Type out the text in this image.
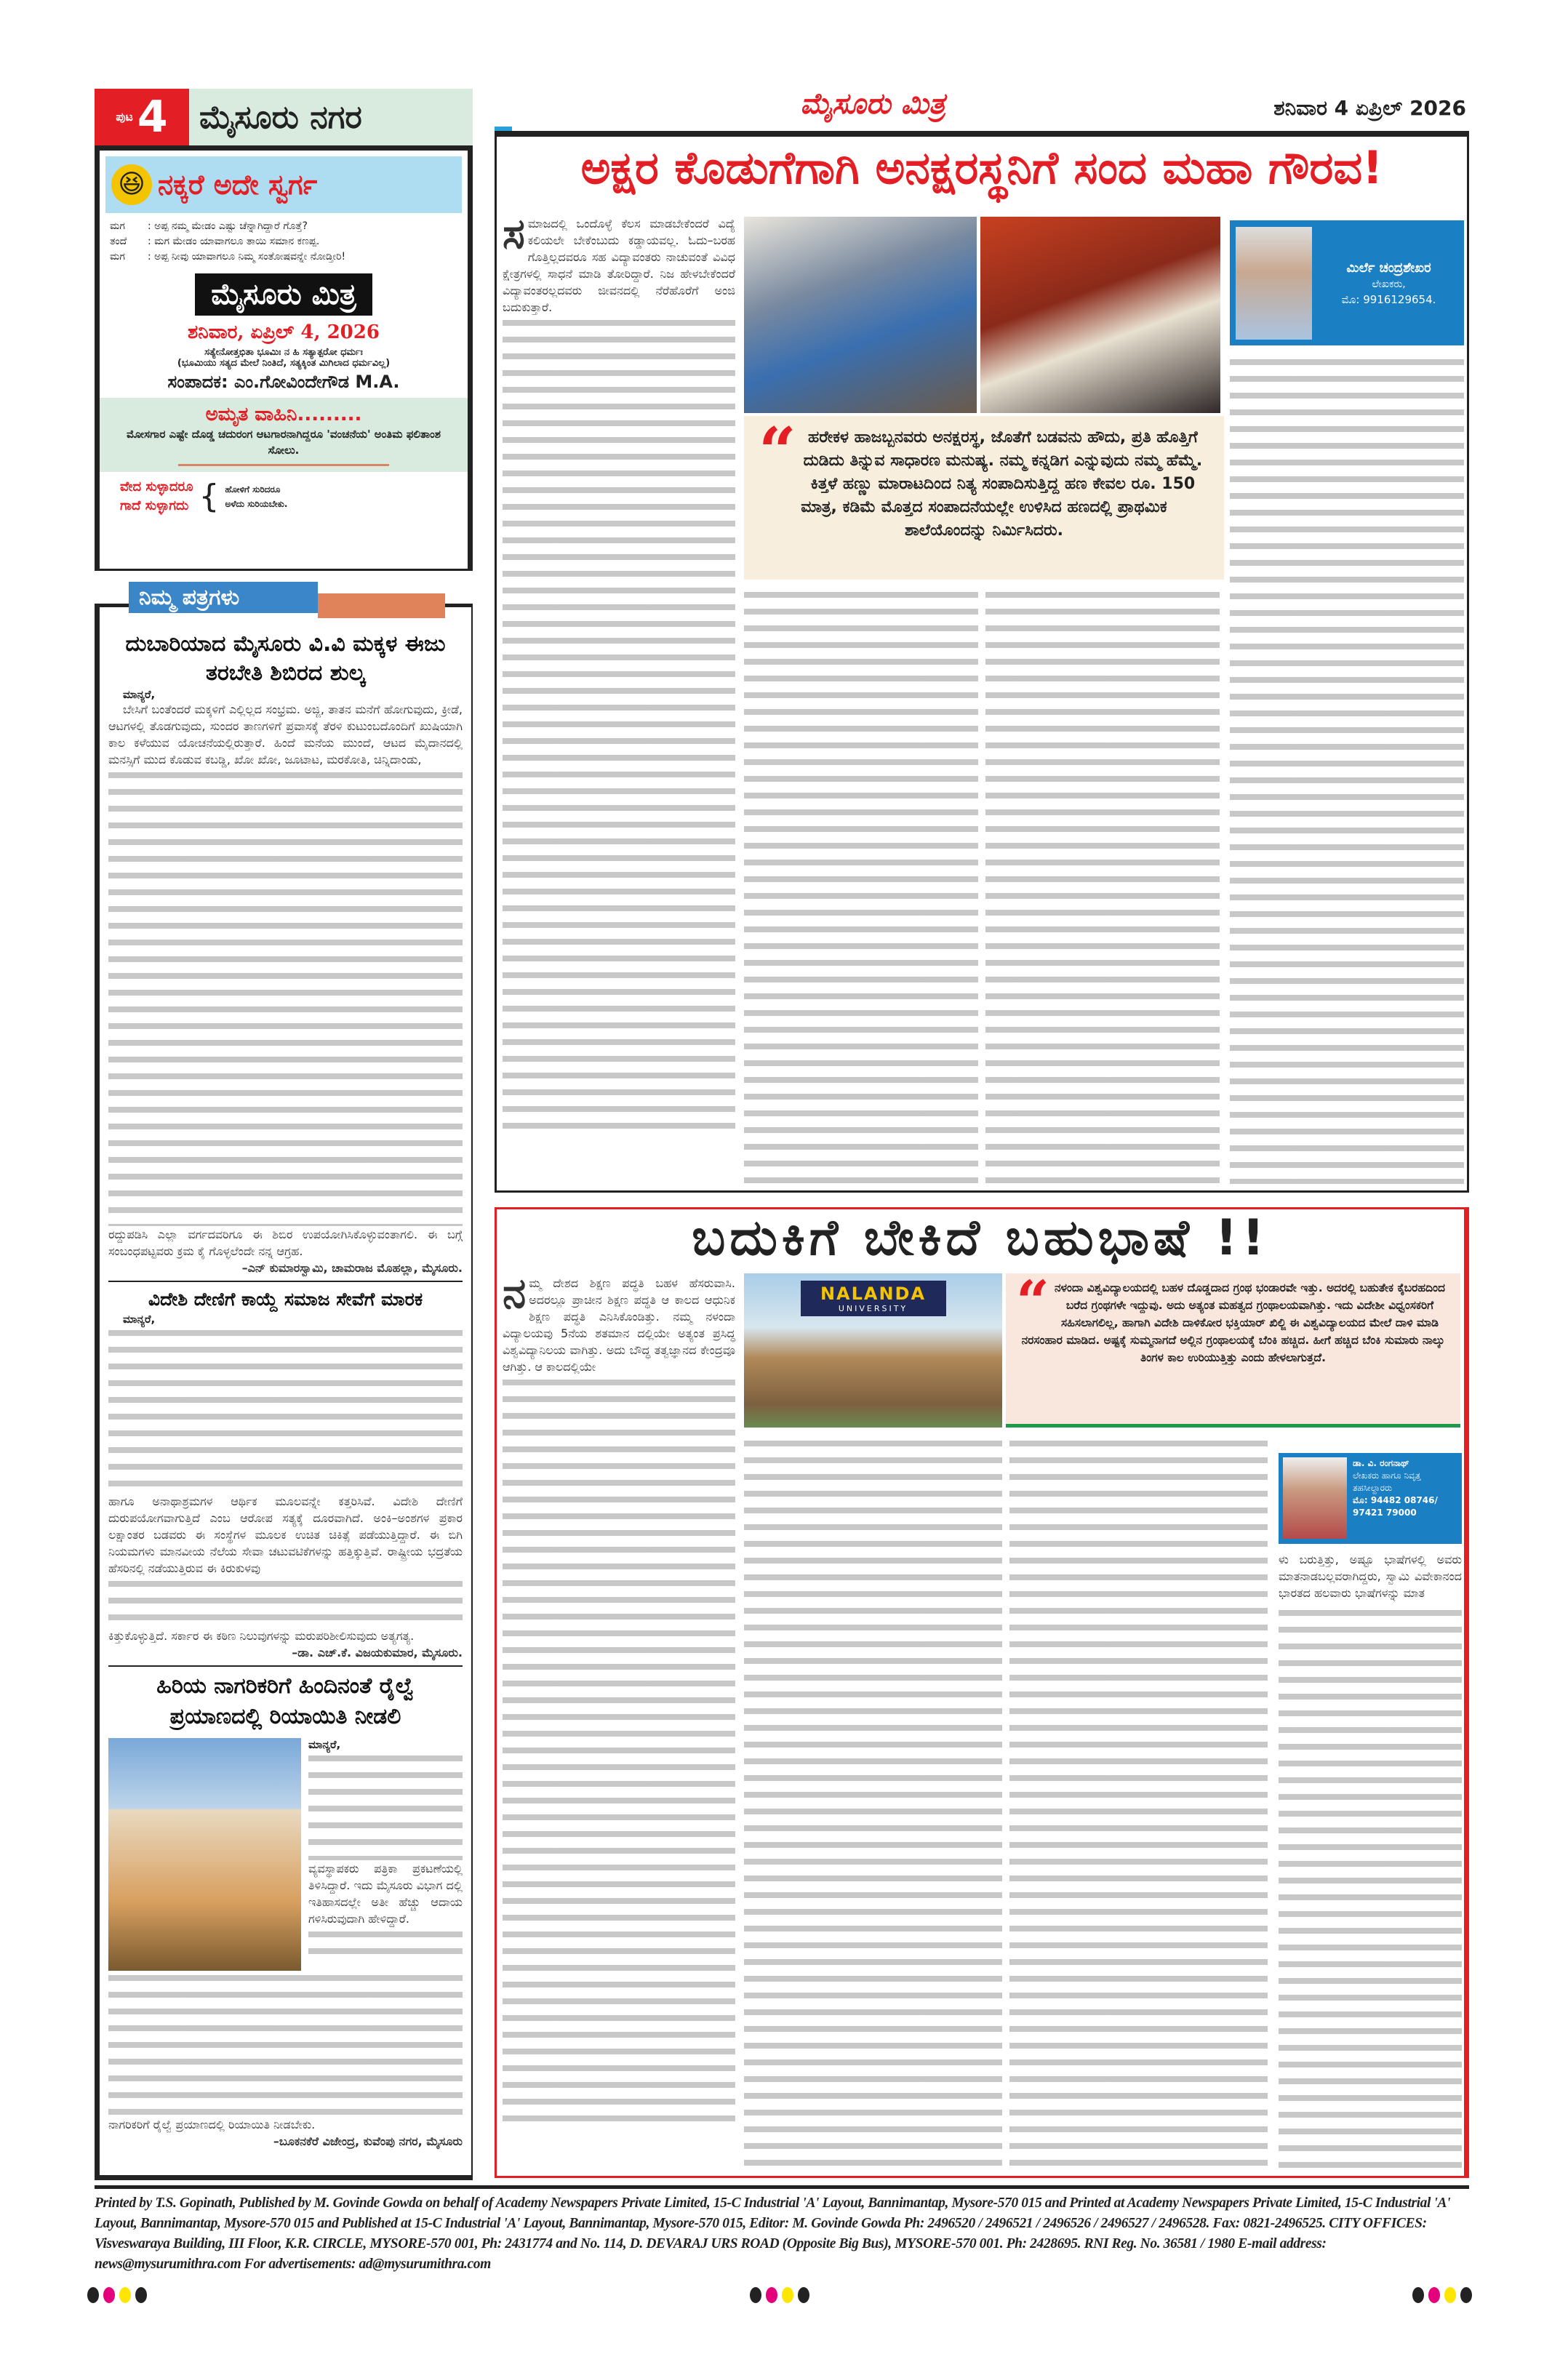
ಪುಟ 4 ಮೈಸೂರು ನಗರ	ಮೈಸೂರು ಮಿತ್ರ	ಶನಿವಾರ 4 ಏಪ್ರಿಲ್ 2026
😆 ನಕ್ಕರೆ ಅದೇ ಸ್ವರ್ಗ
ಮಗ : ಅಪ್ಪ ನಮ್ಮ ಮೇಡಂ ಎಷ್ಟು ಚೆನ್ನಾಗಿದ್ದಾರೆ ಗೊತ್ತೆ?
ತಂದೆ : ಮಗ ಮೇಡಂ ಯಾವಾಗಲೂ ತಾಯಿ ಸಮಾನ ಕಣಪ್ಪ.
ಮಗ : ಅಪ್ಪ ನೀವು ಯಾವಾಗಲೂ ನಿಮ್ಮ ಸಂತೋಷವನ್ನೇ ನೋಡ್ತೀರಿ!
ಮೈಸೂರು ಮಿತ್ರ
ಶನಿವಾರ, ಏಪ್ರಿಲ್ 4, 2026
ಸತ್ಯೇನೋತ್ತಭಿತಾ ಭೂಮಿಃ ನ ಹಿ ಸತ್ಯಾತ್ಪರೋ ಧರ್ಮಃ
(ಭೂಮಿಯು ಸತ್ಯದ ಮೇಲೆ ನಿಂತಿದೆ, ಸತ್ಯಕ್ಕಿಂತ ಮಿಗಿಲಾದ ಧರ್ಮವಿಲ್ಲ)
ಸಂಪಾದಕ: ಎಂ.ಗೋವಿಂದೇಗೌಡ M.A.
ಅಮೃತ ವಾಹಿನಿ.........
ಮೋಸಗಾರ ಎಷ್ಟೇ ದೊಡ್ಡ ಚದುರಂಗ ಆಟಗಾರನಾಗಿದ್ದರೂ 'ವಂಚನೆಯ' ಅಂತಿಮ ಫಲಿತಾಂಶ ಸೋಲು.
ವೇದ ಸುಳ್ಳಾದರೂ
ಗಾದೆ ಸುಳ್ಳಾಗದು { ಹೋಳಿಗೆ ಸುರಿದರೂ
ಅಳೆದು ಸುರಿಯಬೇಕು.
ನಿಮ್ಮ ಪತ್ರಗಳು
ದುಬಾರಿಯಾದ ಮೈಸೂರು ವಿ.ವಿ ಮಕ್ಕಳ ಈಜು ತರಬೇತಿ ಶಿಬಿರದ ಶುಲ್ಕ
ಮಾನ್ಯರೆ,
ಬೇಸಿಗೆ ಬಂತೆಂದರೆ ಮಕ್ಕಳಿಗೆ ಎಲ್ಲಿಲ್ಲದ ಸಂಭ್ರಮ. ಅಜ್ಜಿ, ತಾತನ ಮನೆಗೆ ಹೋಗುವುದು, ಕ್ರೀಡೆ, ಆಟಗಳಲ್ಲಿ ತೊಡಗುವುದು, ಸುಂದರ ತಾಣಗಳಿಗೆ ಪ್ರವಾಸಕ್ಕೆ ತೆರಳಿ ಕುಟುಂಬದೊಂದಿಗೆ ಖುಷಿಯಾಗಿ ಕಾಲ ಕಳೆಯುವ ಯೋಚನೆಯಲ್ಲಿರುತ್ತಾರೆ. ಹಿಂದೆ ಮನೆಯ ಮುಂದೆ, ಆಟದ ಮೈದಾನದಲ್ಲಿ ಮನಸ್ಸಿಗೆ ಮುದ ಕೊಡುವ ಕಬಡ್ಡಿ, ಖೋ ಖೋ, ಜೂಟಾಟ, ಮರಕೋತಿ, ಚಿನ್ನಿದಾಂಡು,
ರದ್ದುಪಡಿಸಿ ಎಲ್ಲಾ ವರ್ಗದವರಿಗೂ ಈ ಶಿಬಿರ ಉಪಯೋಗಿಸಿಕೊಳ್ಳುವಂತಾಗಲಿ. ಈ ಬಗ್ಗೆ ಸಂಬಂಧಪಟ್ಟವರು ಕ್ರಮ ಕೈ ಗೊಳ್ಳಲೆಂದೇ ನನ್ನ ಆಗ್ರಹ.
–ಎನ್ ಕುಮಾರಸ್ವಾಮಿ, ಚಾಮರಾಜ ಮೊಹಲ್ಲಾ, ಮೈಸೂರು.
ವಿದೇಶಿ ದೇಣಿಗೆ ಕಾಯ್ದೆ ಸಮಾಜ ಸೇವೆಗೆ ಮಾರಕ
ಮಾನ್ಯರೆ,
ಹಾಗೂ ಅನಾಥಾಶ್ರಮಗಳ ಆರ್ಥಿಕ ಮೂಲವನ್ನೇ ಕತ್ತರಿಸಿವೆ. ವಿದೇಶಿ ದೇಣಿಗೆ ದುರುಪಯೋಗವಾಗುತ್ತಿದೆ ಎಂಬ ಆರೋಪ ಸತ್ಯಕ್ಕೆ ದೂರವಾಗಿದೆ. ಅಂಕಿ–ಅಂಶಗಳ ಪ್ರಕಾರ ಲಕ್ಷಾಂತರ ಬಡವರು ಈ ಸಂಸ್ಥೆಗಳ ಮೂಲಕ ಉಚಿತ ಚಿಕಿತ್ಸೆ ಪಡೆಯುತ್ತಿದ್ದಾರೆ. ಈ ಬಿಗಿ ನಿಯಮಗಳು ಮಾನವೀಯ ನೆಲೆಯ ಸೇವಾ ಚಟುವಟಿಕೆಗಳನ್ನು ಹತ್ತಿಕ್ಕುತ್ತಿವೆ. ರಾಷ್ಟ್ರೀಯ ಭದ್ರತೆಯ ಹೆಸರಿನಲ್ಲಿ ನಡೆಯುತ್ತಿರುವ ಈ ಕಿರುಕುಳವು
ಕಿತ್ತುಕೊಳ್ಳುತ್ತಿದೆ. ಸರ್ಕಾರ ಈ ಕಠಿಣ ನಿಲುವುಗಳನ್ನು ಮರುಪರಿಶೀಲಿಸುವುದು ಅತ್ಯಗತ್ಯ.
–ಡಾ. ಎಚ್.ಕೆ. ವಿಜಯಕುಮಾರ, ಮೈಸೂರು.
ಹಿರಿಯ ನಾಗರಿಕರಿಗೆ ಹಿಂದಿನಂತೆ ರೈಲ್ವೆ ಪ್ರಯಾಣದಲ್ಲಿ ರಿಯಾಯಿತಿ ನೀಡಲಿ
ಮಾನ್ಯರೆ,
ವ್ಯವಸ್ಥಾಪಕರು ಪತ್ರಿಕಾ ಪ್ರಕಟಣೆಯಲ್ಲಿ ತಿಳಿಸಿದ್ದಾರೆ. ಇದು ಮೈಸೂರು ವಿಭಾಗ ದಲ್ಲಿ ಇತಿಹಾಸದಲ್ಲೇ ಅತೀ ಹೆಚ್ಚು ಆದಾಯ ಗಳಿಸಿರುವುದಾಗಿ ಹೇಳಿದ್ದಾರೆ.
ನಾಗರಿಕರಿಗೆ ರೈಲ್ವೆ ಪ್ರಯಾಣದಲ್ಲಿ ರಿಯಾಯಿತಿ ನೀಡಬೇಕು.
–ಬೂಕನಕೆರೆ ವಿಜೇಂದ್ರ, ಕುವೆಂಪು ನಗರ, ಮೈಸೂರು
ಅಕ್ಷರ ಕೊಡುಗೆಗಾಗಿ ಅನಕ್ಷರಸ್ಥನಿಗೆ ಸಂದ ಮಹಾ ಗೌರವ!
ಸಮಾಜದಲ್ಲಿ ಒಂದೊಳ್ಳೆ ಕೆಲಸ ಮಾಡಬೇಕೆಂದರೆ ವಿದ್ಯೆ ಕಲಿಯಲೇ ಬೇಕೆಂಬುದು ಕಡ್ಡಾಯವಲ್ಲ. ಓದು–ಬರಹ ಗೊತ್ತಿಲ್ಲದವರೂ ಸಹ ವಿದ್ಯಾವಂತರು ನಾಚುವಂತೆ ವಿವಿಧ ಕ್ಷೇತ್ರಗಳಲ್ಲಿ ಸಾಧನೆ ಮಾಡಿ ತೋರಿದ್ದಾರೆ. ನಿಜ ಹೇಳಬೇಕೆಂದರೆ ವಿದ್ಯಾವಂತರಲ್ಲದವರು ಜೀವನದಲ್ಲಿ ನೆರೆಹೊರೆಗೆ ಅಂಜಿ ಬದುಕುತ್ತಾರೆ.
ಮಿರ್ಲೆ ಚಂದ್ರಶೇಖರ
ಲೇಖಕರು,
ಮೊ: 9916129654.
“ ಹರೇಕಳ ಹಾಜಬ್ಬನವರು ಅನಕ್ಷರಸ್ಥ, ಜೊತೆಗೆ ಬಡವನು ಹೌದು, ಪ್ರತಿ ಹೊತ್ತಿಗೆ ದುಡಿದು ತಿನ್ನುವ ಸಾಧಾರಣ ಮನುಷ್ಯ. ನಮ್ಮ ಕನ್ನಡಿಗ ಎನ್ನುವುದು ನಮ್ಮ ಹೆಮ್ಮೆ. ಕಿತ್ತಳೆ ಹಣ್ಣು ಮಾರಾಟದಿಂದ ನಿತ್ಯ ಸಂಪಾದಿಸುತ್ತಿದ್ದ ಹಣ ಕೇವಲ ರೂ. 150 ಮಾತ್ರ, ಕಡಿಮೆ ಮೊತ್ತದ ಸಂಪಾದನೆಯಲ್ಲೇ ಉಳಿಸಿದ ಹಣದಲ್ಲಿ ಪ್ರಾಥಮಿಕ ಶಾಲೆಯೊಂದನ್ನು ನಿರ್ಮಿಸಿದರು.
ಬದುಕಿಗೆ ಬೇಕಿದೆ ಬಹುಭಾಷೆ !!
ನಮ್ಮ ದೇಶದ ಶಿಕ್ಷಣ ಪದ್ಧತಿ ಬಹಳ ಹೆಸರುವಾಸಿ. ಅದರಲ್ಲೂ ಪ್ರಾಚೀನ ಶಿಕ್ಷಣ ಪದ್ಧತಿ ಆ ಕಾಲದ ಆಧುನಿಕ ಶಿಕ್ಷಣ ಪದ್ಧತಿ ಎನಿಸಿಕೊಂಡಿತ್ತು. ನಮ್ಮ ನಳಂದಾ ವಿದ್ಯಾಲಯವು 5ನೆಯ ಶತಮಾನ ದಲ್ಲಿಯೇ ಅತ್ಯಂತ ಪ್ರಸಿದ್ಧ ವಿಶ್ವವಿದ್ಯಾನಿಲಯ ವಾಗಿತ್ತು. ಅದು ಬೌದ್ಧ ತತ್ವಜ್ಞಾನದ ಕೇಂದ್ರವೂ ಆಗಿತ್ತು. ಆ ಕಾಲದಲ್ಲಿಯೇ
NALANDA
UNIVERSITY	“ ನಳಂದಾ ವಿಶ್ವವಿದ್ಯಾಲಯದಲ್ಲಿ ಬಹಳ ದೊಡ್ಡದಾದ ಗ್ರಂಥ ಭಂಡಾರವೇ ಇತ್ತು. ಅದರಲ್ಲಿ ಬಹುತೇಕ ಕೈಬರಹದಿಂದ ಬರೆದ ಗ್ರಂಥಗಳೇ ಇದ್ದುವು. ಅದು ಅತ್ಯಂತ ಮಹತ್ವದ ಗ್ರಂಥಾಲಯವಾಗಿತ್ತು. ಇದು ವಿದೇಶೀ ವಿಧ್ವಂಸಕರಿಗೆ ಸಹಿಸಲಾಗಲಿಲ್ಲ, ಹಾಗಾಗಿ ವಿದೇಶಿ ದಾಳಿಕೋರ ಭಕ್ತಿಯಾರ್ ಖಿಲ್ಜಿ ಈ ವಿಶ್ವವಿದ್ಯಾಲಯದ ಮೇಲೆ ದಾಳಿ ಮಾಡಿ ನರಸಂಹಾರ ಮಾಡಿದ. ಅಷ್ಟಕ್ಕೆ ಸುಮ್ಮನಾಗದೆ ಅಲ್ಲಿನ ಗ್ರಂಥಾಲಯಕ್ಕೆ ಬೆಂಕಿ ಹಚ್ಚಿದ. ಹೀಗೆ ಹಚ್ಚಿದ ಬೆಂಕಿ ಸುಮಾರು ನಾಲ್ಕು ತಿಂಗಳ ಕಾಲ ಉರಿಯುತ್ತಿತ್ತು ಎಂದು ಹೇಳಲಾಗುತ್ತದೆ.
ಡಾ. ವಿ. ರಂಗನಾಥ್
ಲೇಖಕರು ಹಾಗೂ ನಿವೃತ್ತ ತಹಸೀಲ್ದಾರರು
ಮೊ: 94482 08746/ 97421 79000
ಳು ಬರುತ್ತಿತ್ತು, ಅಷ್ಟೂ ಭಾಷೆಗಳಲ್ಲಿ ಅವರು ಮಾತನಾಡಬಲ್ಲವರಾಗಿದ್ದರು, ಸ್ವಾಮಿ ವಿವೇಕಾನಂದ ಭಾರತದ ಹಲವಾರು ಭಾಷೆಗಳನ್ನು ಮಾತ
Printed by T.S. Gopinath, Published by M. Govinde Gowda on behalf of Academy Newspapers Private Limited, 15-C Industrial 'A' Layout, Bannimantap, Mysore-570 015 and Printed at Academy Newspapers Private Limited, 15-C Industrial 'A' Layout, Bannimantap, Mysore-570 015 and Published at 15-C Industrial 'A' Layout, Bannimantap, Mysore-570 015, Editor: M. Govinde Gowda Ph: 2496520 / 2496521 / 2496526 / 2496527 / 2496528. Fax: 0821-2496525. CITY OFFICES: Visveswaraya Building, III Floor, K.R. CIRCLE, MYSORE-570 001, Ph: 2431774 and No. 114, D. DEVARAJ URS ROAD (Opposite Big Bus), MYSORE-570 001. Ph: 2428695. RNI Reg. No. 36581 / 1980 E-mail address: news@mysurumithra.com For advertisements: ad@mysurumithra.com
